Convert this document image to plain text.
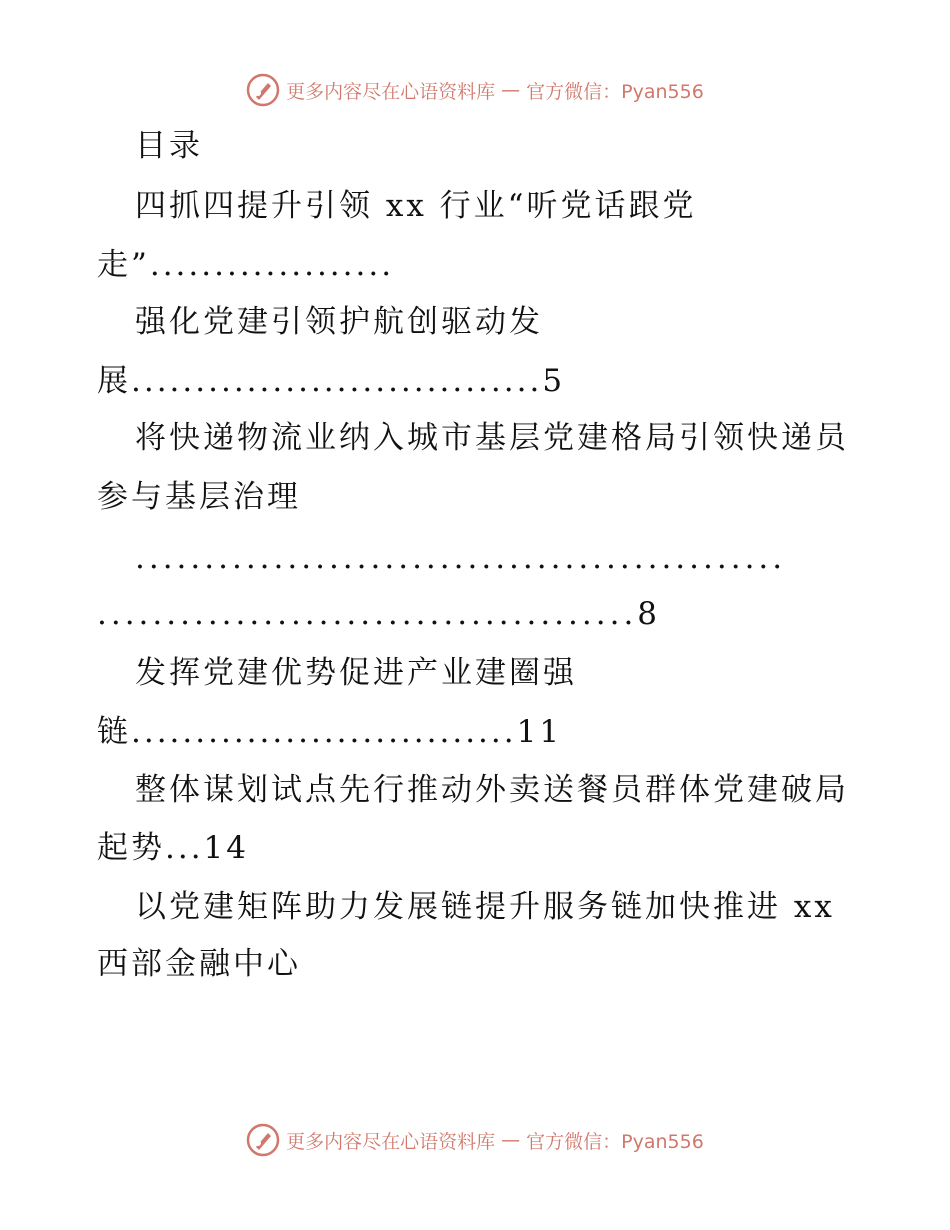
更多内容尽在心语资料库 — 官方微信：Pyan556
目录
四抓四提升引领 xx 行业“听党话跟党
走”...................
强化党建引领护航创驱动发
展................................5
将快递物流业纳入城市基层党建格局引领快递员
参与基层治理
...............................................
.......................................8
发挥党建优势促进产业建圈强
链..............................11
整体谋划试点先行推动外卖送餐员群体党建破局
起势...14
以党建矩阵助力发展链提升服务链加快推进 xx
西部金融中心
更多内容尽在心语资料库 — 官方微信：Pyan556
